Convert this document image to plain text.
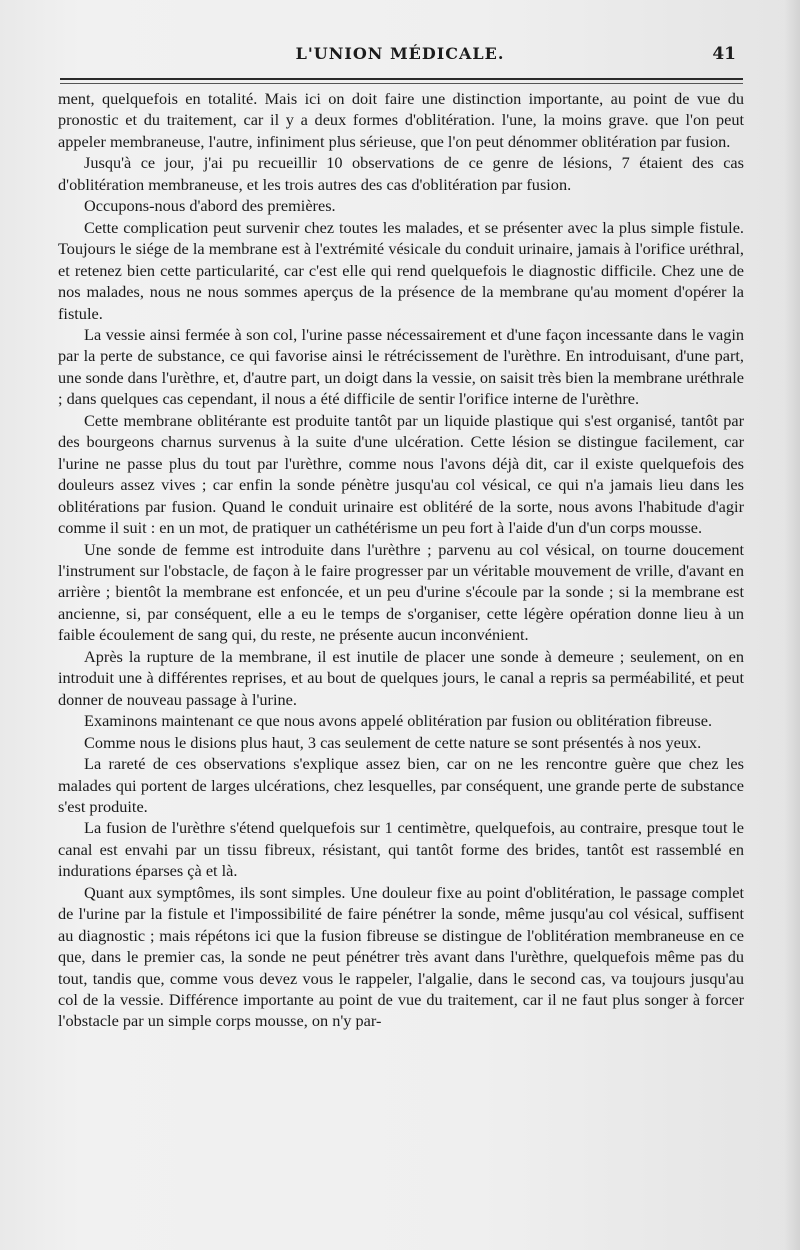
L'UNION MÉDICALE.	41

ment, quelquefois en totalité. Mais ici on doit faire une distinction importante, au point de vue du pronostic et du traitement, car il y a deux formes d'oblitération. l'une, la moins grave. que l'on peut appeler membraneuse, l'autre, infiniment plus sérieuse, que l'on peut dénommer oblitération par fusion.

Jusqu'à ce jour, j'ai pu recueillir 10 observations de ce genre de lésions, 7 étaient des cas d'oblitération membraneuse, et les trois autres des cas d'oblitération par fusion.

Occupons-nous d'abord des premières.

Cette complication peut survenir chez toutes les malades, et se présenter avec la plus simple fistule. Toujours le siége de la membrane est à l'extrémité vésicale du conduit urinaire, jamais à l'orifice uréthral, et retenez bien cette particularité, car c'est elle qui rend quelquefois le diagnostic difficile. Chez une de nos malades, nous ne nous sommes aperçus de la présence de la membrane qu'au moment d'opérer la fistule.

La vessie ainsi fermée à son col, l'urine passe nécessairement et d'une façon incessante dans le vagin par la perte de substance, ce qui favorise ainsi le rétrécissement de l'urèthre. En introduisant, d'une part, une sonde dans l'urèthre, et, d'autre part, un doigt dans la vessie, on saisit très bien la membrane uréthrale ; dans quelques cas cependant, il nous a été difficile de sentir l'orifice interne de l'urèthre.

Cette membrane oblitérante est produite tantôt par un liquide plastique qui s'est organisé, tantôt par des bourgeons charnus survenus à la suite d'une ulcération. Cette lésion se distingue facilement, car l'urine ne passe plus du tout par l'urèthre, comme nous l'avons déjà dit, car il existe quelquefois des douleurs assez vives ; car enfin la sonde pénètre jusqu'au col vésical, ce qui n'a jamais lieu dans les oblitérations par fusion. Quand le conduit urinaire est oblitéré de la sorte, nous avons l'habitude d'agir comme il suit : en un mot, de pratiquer un cathétérisme un peu fort à l'aide d'un d'un corps mousse.

Une sonde de femme est introduite dans l'urèthre ; parvenu au col vésical, on tourne doucement l'instrument sur l'obstacle, de façon à le faire progresser par un véritable mouvement de vrille, d'avant en arrière ; bientôt la membrane est enfoncée, et un peu d'urine s'écoule par la sonde ; si la membrane est ancienne, si, par conséquent, elle a eu le temps de s'organiser, cette légère opération donne lieu à un faible écoulement de sang qui, du reste, ne présente aucun inconvénient.

Après la rupture de la membrane, il est inutile de placer une sonde à demeure ; seulement, on en introduit une à différentes reprises, et au bout de quelques jours, le canal a repris sa perméabilité, et peut donner de nouveau passage à l'urine.

Examinons maintenant ce que nous avons appelé oblitération par fusion ou oblitération fibreuse.

Comme nous le disions plus haut, 3 cas seulement de cette nature se sont présentés à nos yeux.

La rareté de ces observations s'explique assez bien, car on ne les rencontre guère que chez les malades qui portent de larges ulcérations, chez lesquelles, par conséquent, une grande perte de substance s'est produite.

La fusion de l'urèthre s'étend quelquefois sur 1 centimètre, quelquefois, au contraire, presque tout le canal est envahi par un tissu fibreux, résistant, qui tantôt forme des brides, tantôt est rassemblé en indurations éparses çà et là.

Quant aux symptômes, ils sont simples. Une douleur fixe au point d'oblitération, le passage complet de l'urine par la fistule et l'impossibilité de faire pénétrer la sonde, même jusqu'au col vésical, suffisent au diagnostic ; mais répétons ici que la fusion fibreuse se distingue de l'oblitération membraneuse en ce que, dans le premier cas, la sonde ne peut pénétrer très avant dans l'urèthre, quelquefois même pas du tout, tandis que, comme vous devez vous le rappeler, l'algalie, dans le second cas, va toujours jusqu'au col de la vessie. Différence importante au point de vue du traitement, car il ne faut plus songer à forcer l'obstacle par un simple corps mousse, on n'y par-
